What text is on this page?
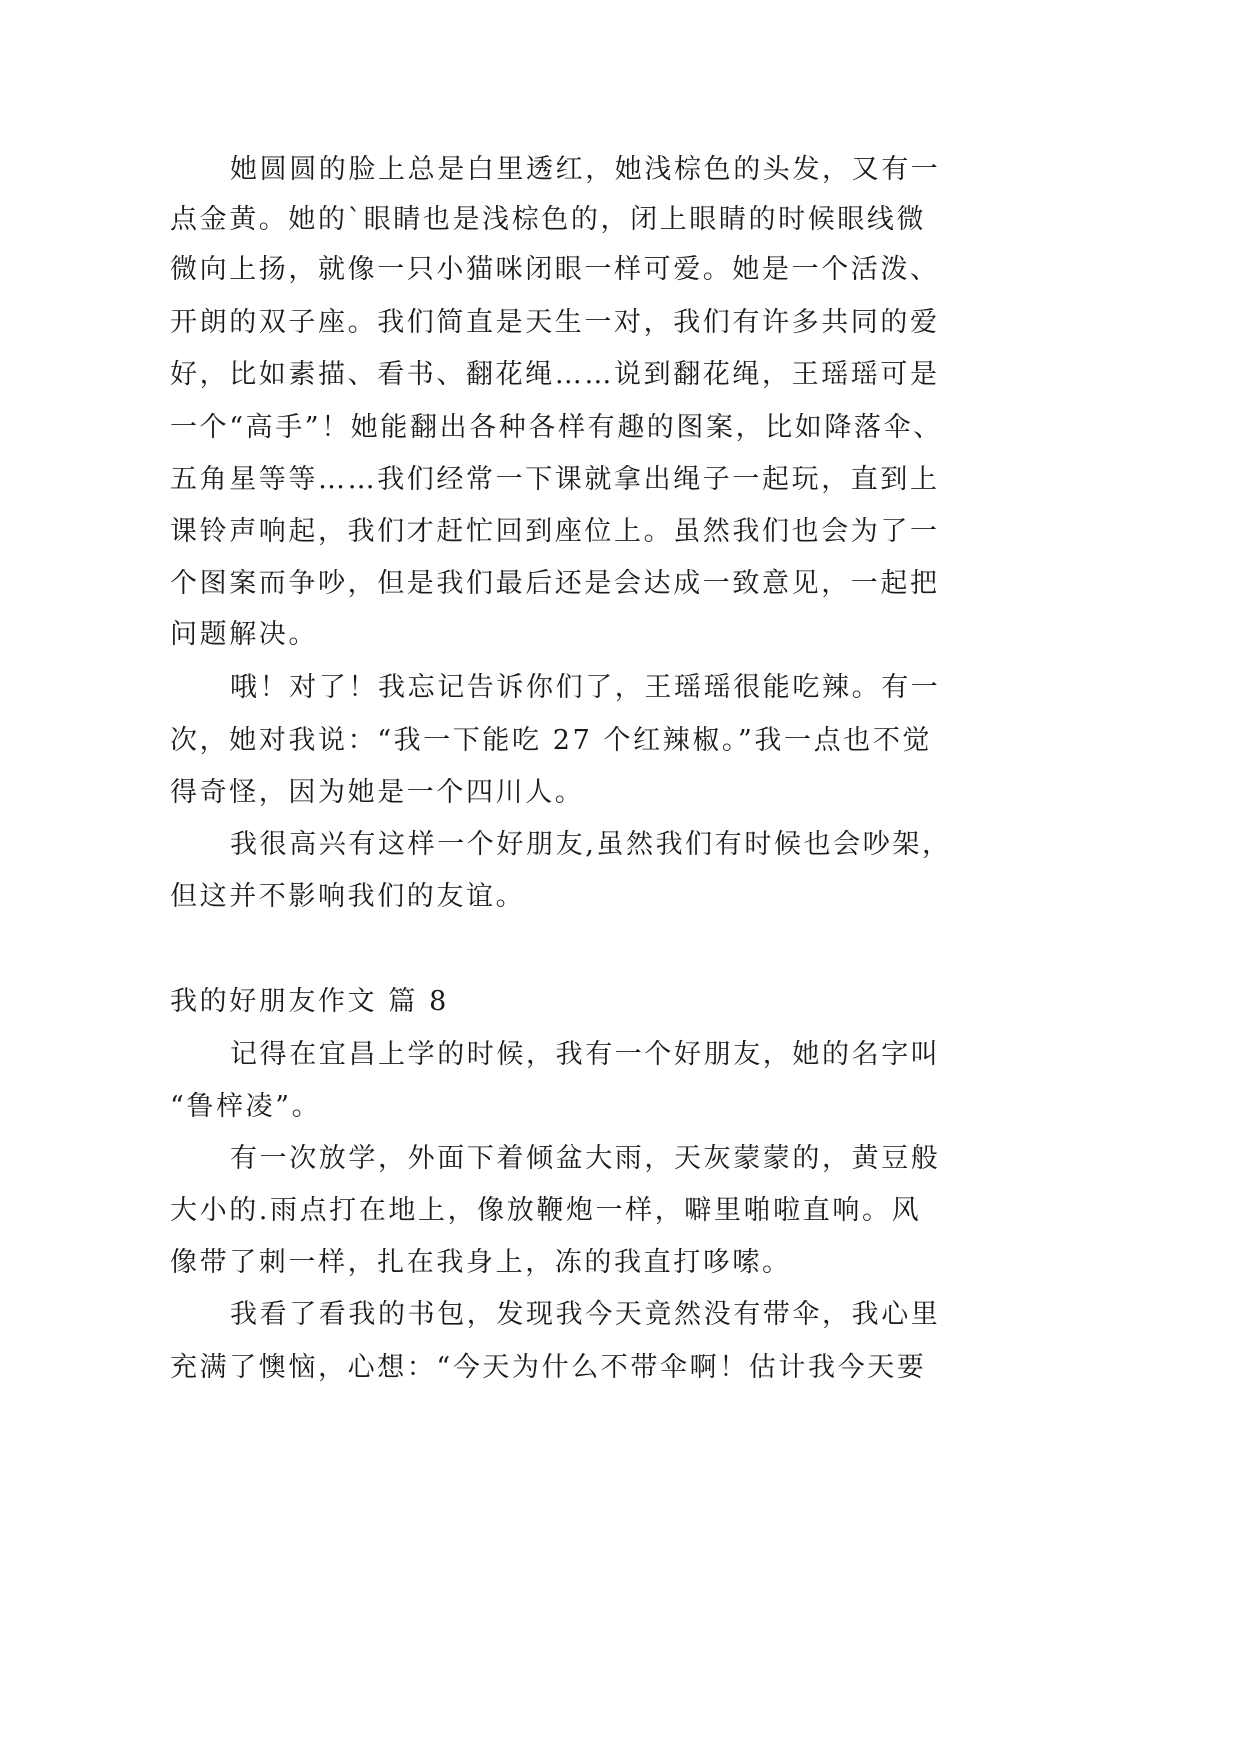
她圆圆的脸上总是白里透红，她浅棕色的头发，又有一
点金黄。她的`眼睛也是浅棕色的，闭上眼睛的时候眼线微
微向上扬，就像一只小猫咪闭眼一样可爱。她是一个活泼、
开朗的双子座。我们简直是天生一对，我们有许多共同的爱
好，比如素描、看书、翻花绳……说到翻花绳，王瑶瑶可是
一个“高手”！她能翻出各种各样有趣的图案，比如降落伞、
五角星等等……我们经常一下课就拿出绳子一起玩，直到上
课铃声响起，我们才赶忙回到座位上。虽然我们也会为了一
个图案而争吵，但是我们最后还是会达成一致意见，一起把
问题解决。
哦！对了！我忘记告诉你们了，王瑶瑶很能吃辣。有一
次，她对我说：“我一下能吃 27 个红辣椒。”我一点也不觉
得奇怪，因为她是一个四川人。
我很高兴有这样一个好朋友,虽然我们有时候也会吵架，
但这并不影响我们的友谊。
我的好朋友作文 篇 8
记得在宜昌上学的时候，我有一个好朋友，她的名字叫
“鲁梓凌”。
有一次放学，外面下着倾盆大雨，天灰蒙蒙的，黄豆般
大小的.雨点打在地上，像放鞭炮一样，噼里啪啦直响。风
像带了刺一样，扎在我身上，冻的我直打哆嗦。
我看了看我的书包，发现我今天竟然没有带伞，我心里
充满了懊恼，心想：“今天为什么不带伞啊！估计我今天要
